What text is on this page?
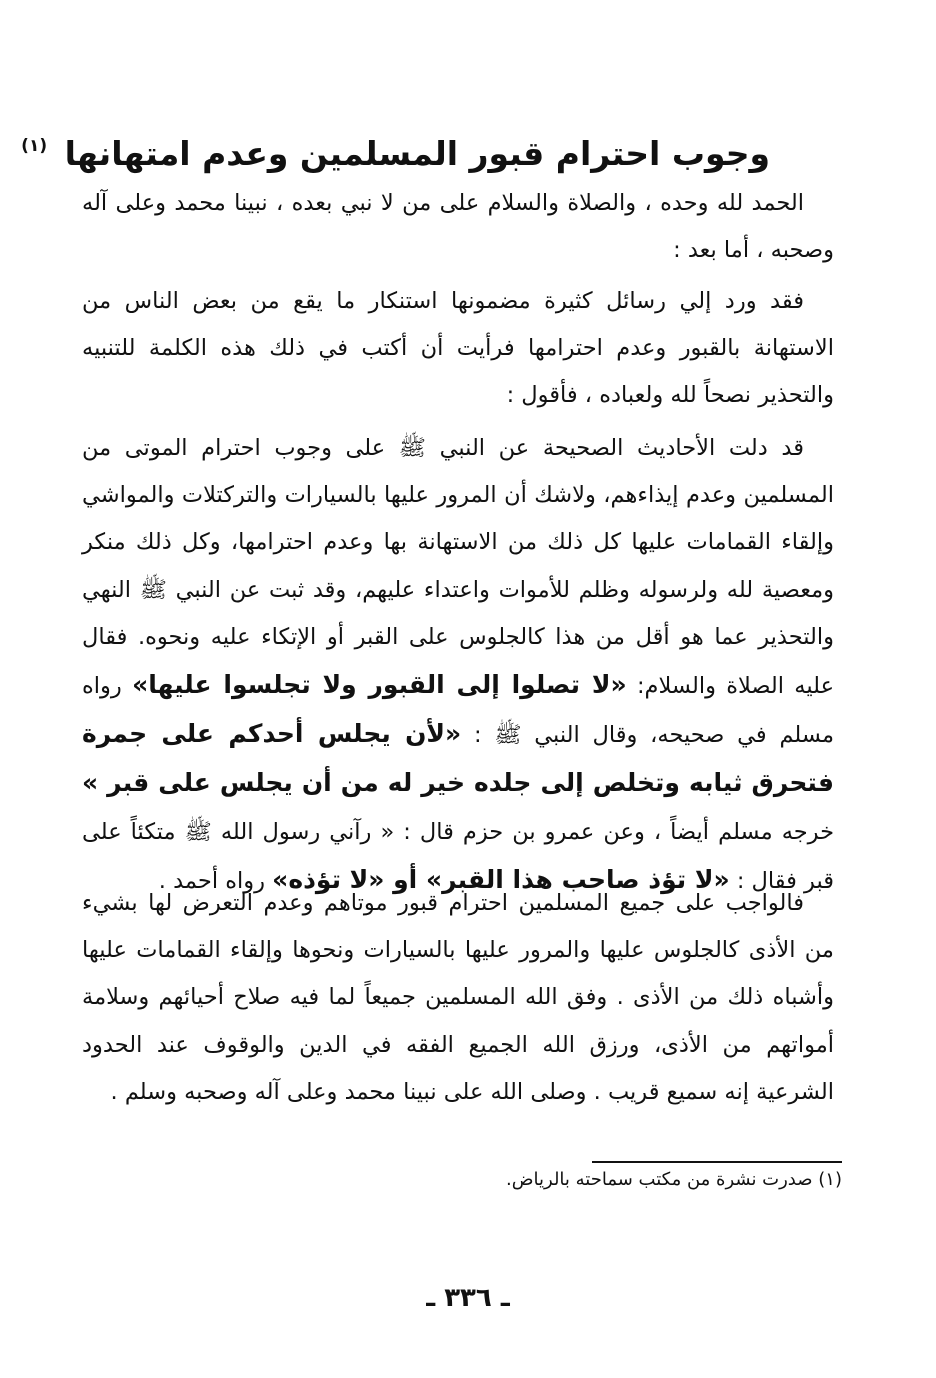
وجوب احترام قبور المسلمين وعدم امتهانها $^{(١)}$

الحمد لله وحده ، والصلاة والسلام على من لا نبي بعده ، نبينا محمد وعلى آله وصحبه ، أما بعد :

فقد ورد إلي رسائل كثيرة مضمونها استنكار ما يقع من بعض الناس من الاستهانة بالقبور وعدم احترامها فرأيت أن أكتب في ذلك هذه الكلمة للتنبيه والتحذير نصحاً لله ولعباده ، فأقول :

قد دلت الأحاديث الصحيحة عن النبي ﷺ على وجوب احترام الموتى من المسلمين وعدم إيذاءهم، ولاشك أن المرور عليها بالسيارات والتركتلات والمواشي وإلقاء القمامات عليها كل ذلك من الاستهانة بها وعدم احترامها، وكل ذلك منكر ومعصية لله ولرسوله وظلم للأموات واعتداء عليهم، وقد ثبت عن النبي ﷺ النهي والتحذير عما هو أقل من هذا كالجلوس على القبر أو الإتكاء عليه ونحوه. فقال عليه الصلاة والسلام: «لا تصلوا إلى القبور ولا تجلسوا عليها» رواه مسلم في صحيحه، وقال النبي ﷺ : «لأن يجلس أحدكم على جمرة فتحرق ثيابه وتخلص إلى جلده خير له من أن يجلس على قبر » خرجه مسلم أيضاً ، وعن عمرو بن حزم قال : « رآني رسول الله ﷺ متكئاً على قبر فقال : «لا تؤذ صاحب هذا القبر» أو «لا تؤذه» رواه أحمد .

فالواجب على جميع المسلمين احترام قبور موتاهم وعدم التعرض لها بشيء من الأذى كالجلوس عليها والمرور عليها بالسيارات ونحوها وإلقاء القمامات عليها وأشباه ذلك من الأذى . وفق الله المسلمين جميعاً لما فيه صلاح أحيائهم وسلامة أمواتهم من الأذى، ورزق الله الجميع الفقه في الدين والوقوف عند الحدود الشرعية إنه سميع قريب . وصلى الله على نبينا محمد وعلى آله وصحبه وسلم .

(١) صدرت نشرة من مكتب سماحته بالرياض.
ـ ٣٣٦ ـ
